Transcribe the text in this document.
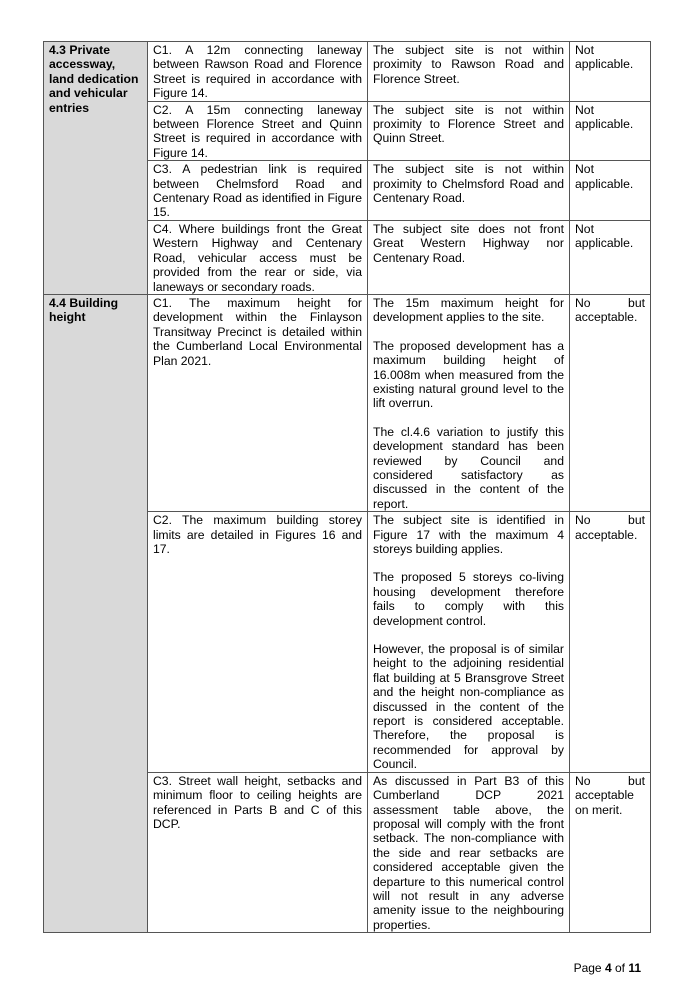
4.3 Private accessway, land dedication and vehicular entries	C1. A 12m connecting laneway between Rawson Road and Florence Street is required in accordance with Figure 14.	The subject site is not within proximity to Rawson Road and Florence Street.	Not applicable.
	C2. A 15m connecting laneway between Florence Street and Quinn Street is required in accordance with Figure 14.	The subject site is not within proximity to Florence Street and Quinn Street.	Not applicable.
	C3. A pedestrian link is required between Chelmsford Road and Centenary Road as identified in Figure 15.	The subject site is not within proximity to Chelmsford Road and Centenary Road.	Not applicable.
	C4. Where buildings front the Great Western Highway and Centenary Road, vehicular access must be provided from the rear or side, via laneways or secondary roads.	The subject site does not front Great Western Highway nor Centenary Road.	Not applicable.
4.4 Building height	C1. The maximum height for development within the Finlayson Transitway Precinct is detailed within the Cumberland Local Environmental Plan 2021.	The 15m maximum height for development applies to the site.

The proposed development has a maximum building height of 16.008m when measured from the existing natural ground level to the lift overrun.

The cl.4.6 variation to justify this development standard has been reviewed by Council and considered satisfactory as discussed in the content of the report.	No but acceptable.
	C2. The maximum building storey limits are detailed in Figures 16 and 17.	The subject site is identified in Figure 17 with the maximum 4 storeys building applies.

The proposed 5 storeys co-living housing development therefore fails to comply with this development control.

However, the proposal is of similar height to the adjoining residential flat building at 5 Bransgrove Street and the height non-compliance as discussed in the content of the report is considered acceptable. Therefore, the proposal is recommended for approval by Council.	No but acceptable.
	C3. Street wall height, setbacks and minimum floor to ceiling heights are referenced in Parts B and C of this DCP.	As discussed in Part B3 of this Cumberland DCP 2021 assessment table above, the proposal will comply with the front setback. The non-compliance with the side and rear setbacks are considered acceptable given the departure to this numerical control will not result in any adverse amenity issue to the neighbouring properties.	No but acceptable on merit.
Page 4 of 11
